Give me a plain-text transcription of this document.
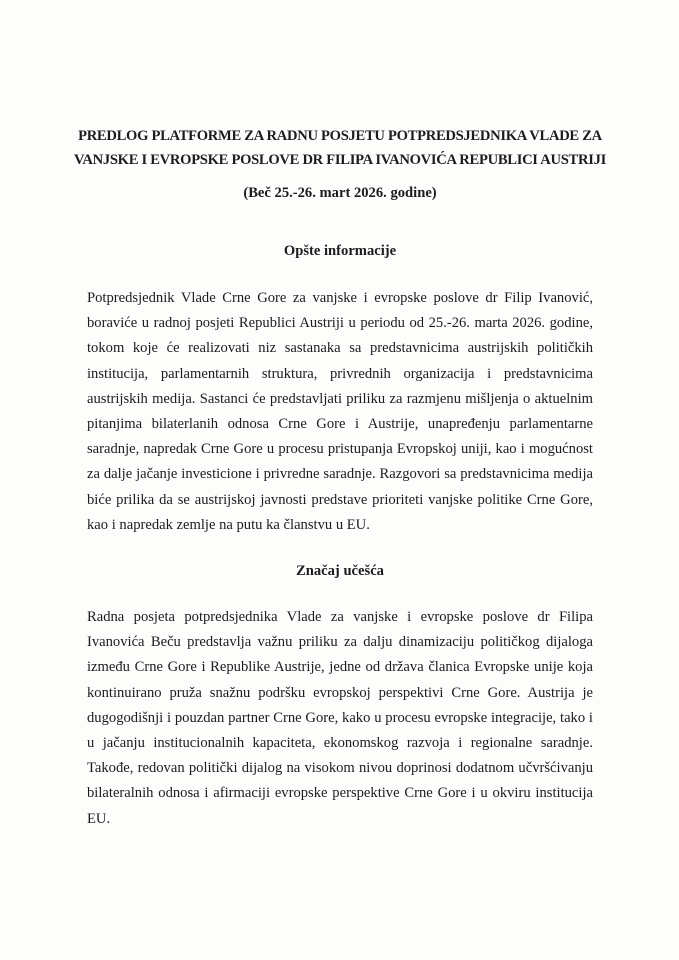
PREDLOG PLATFORME ZA RADNU POSJETU POTPREDSJEDNIKA VLADE ZA

VANJSKE I EVROPSKE POSLOVE DR FILIPA IVANOVIĆA REPUBLICI AUSTRIJI

(Beč 25.-26. mart 2026. godine)

Opšte informacije

Potpredsjednik Vlade Crne Gore za vanjske i evropske poslove dr Filip Ivanović, boraviće u radnoj posjeti Republici Austriji u periodu od 25.-26. marta 2026. godine, tokom koje će realizovati niz sastanaka sa predstavnicima austrijskih političkih institucija, parlamentarnih struktura, privrednih organizacija i predstavnicima austrijskih medija. Sastanci će predstavljati priliku za razmjenu mišljenja o aktuelnim pitanjima bilaterlanih odnosa Crne Gore i Austrije, unapređenju parlamentarne saradnje, napredak Crne Gore u procesu pristupanja Evropskoj uniji, kao i mogućnost za dalje jačanje investicione i privredne saradnje. Razgovori sa predstavnicima medija biće prilika da se austrijskoj javnosti predstave prioriteti vanjske politike Crne Gore, kao i napredak zemlje na putu ka članstvu u EU.

Značaj učešća

Radna posjeta potpredsjednika Vlade za vanjske i evropske poslove dr Filipa Ivanovića Beču predstavlja važnu priliku za dalju dinamizaciju političkog dijaloga između Crne Gore i Republike Austrije, jedne od država članica Evropske unije koja kontinuirano pruža snažnu podršku evropskoj perspektivi Crne Gore. Austrija je dugogodišnji i pouzdan partner Crne Gore, kako u procesu evropske integracije, tako i u jačanju institucionalnih kapaciteta, ekonomskog razvoja i regionalne saradnje. Takođe, redovan politički dijalog na visokom nivou doprinosi dodatnom učvršćivanju bilateralnih odnosa i afirmaciji evropske perspektive Crne Gore i u okviru institucija EU.
